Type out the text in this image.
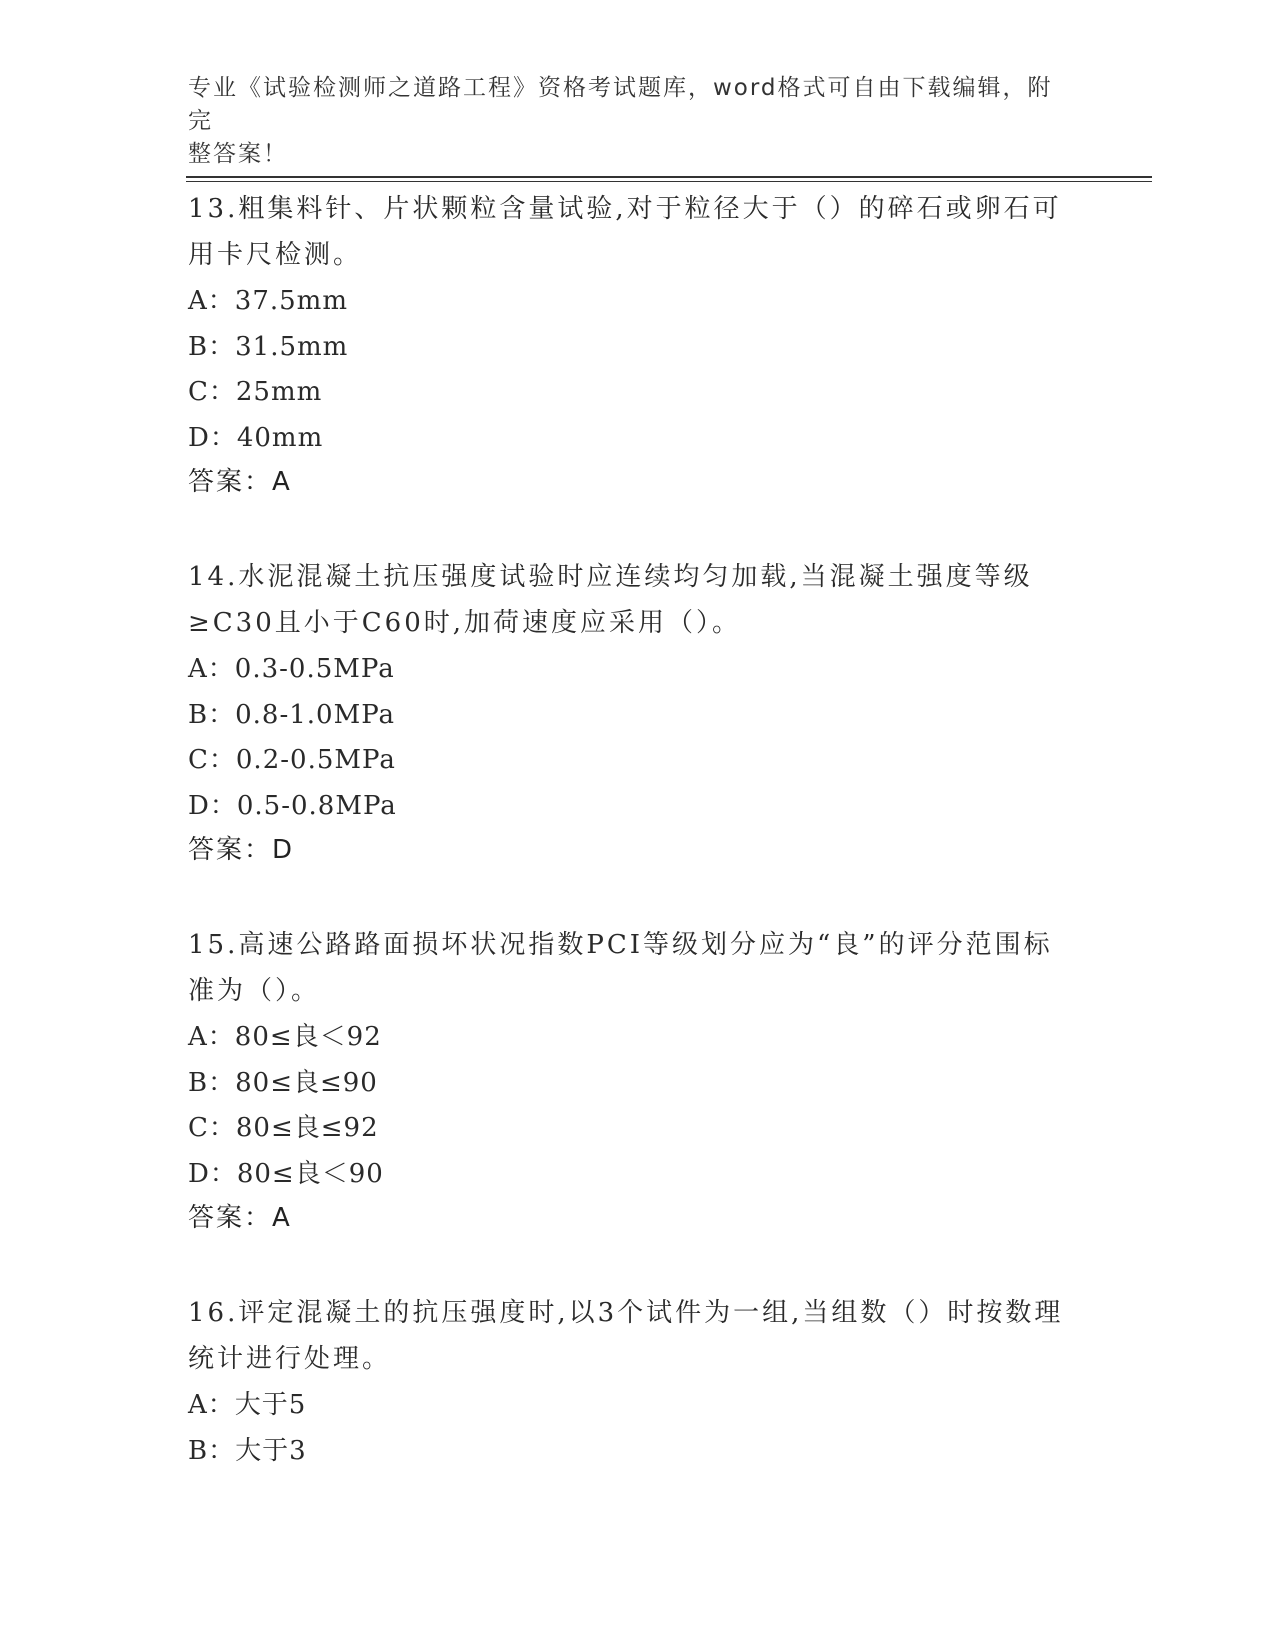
专业《试验检测师之道路工程》资格考试题库，word格式可自由下载编辑，附完
整答案！

13.粗集料针、片状颗粒含量试验,对于粒径大于（）的碎石或卵石可

用卡尺检测。

A：37.5mm

B：31.5mm

C：25mm

D：40mm

答案：A

14.水泥混凝土抗压强度试验时应连续均匀加载,当混凝土强度等级

≥C30且小于C60时,加荷速度应采用（）。

A：0.3-0.5MPa

B：0.8-1.0MPa

C：0.2-0.5MPa

D：0.5-0.8MPa

答案：D

15.高速公路路面损坏状况指数PCI等级划分应为“良”的评分范围标

准为（）。

A：80≤良＜92

B：80≤良≤90

C：80≤良≤92

D：80≤良＜90

答案：A

16.评定混凝土的抗压强度时,以3个试件为一组,当组数（）时按数理

统计进行处理。

A：大于5

B：大于3
